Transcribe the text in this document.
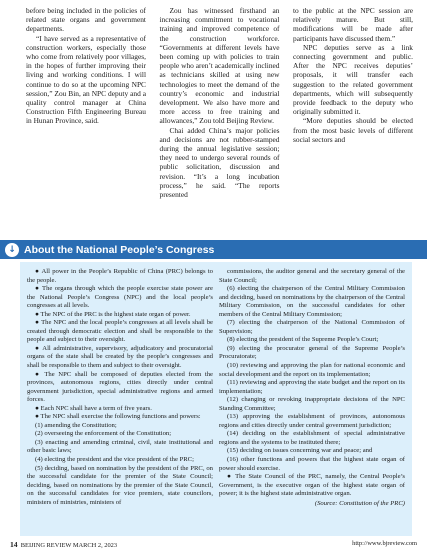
before being included in the policies of related state organs and government departments.

“I have served as a representative of construction workers, especially those who come from relatively poor villages, in the hopes of further improving their living and working conditions. I will continue to do so at the upcoming NPC session,” Zou Bin, an NPC deputy and a quality control manager at China Construction Fifth Engineering Bureau in Hunan Province, said.

Zou has witnessed firsthand an increasing commitment to vocational training and improved competence of the construction workforce. “Governments at different levels have been coming up with policies to train people who aren’t academically inclined as technicians skilled at using new technologies to meet the demand of the country’s economic and industrial development. We also have more and more access to free training and allowances,” Zou told Beijing Review.

Chai added China’s major policies and decisions are not rubber-stamped during the annual legislative session; they need to undergo several rounds of public solicitation, discussion and revision. “It’s a long incubation process,” he said. “The reports presented

to the public at the NPC session are relatively mature. But still, modifications will be made after participants have discussed them.”

NPC deputies serve as a link connecting government and public. After the NPC receives deputies’ proposals, it will transfer each suggestion to the related government departments, which will subsequently provide feedback to the deputy who originally submitted it.

“More deputies should be elected from the most basic levels of different social sectors and

↓ About the National People’s Congress

● All power in the People’s Republic of China (PRC) belongs to the people.

● The organs through which the people exercise state power are the National People’s Congress (NPC) and the local people’s congresses at all levels.

● The NPC of the PRC is the highest state organ of power.

● The NPC and the local people’s congresses at all levels shall be created through democratic election and shall be responsible to the people and subject to their oversight.

● All administrative, supervisory, adjudicatory and procuratorial organs of the state shall be created by the people’s congresses and shall be responsible to them and subject to their oversight.

● The NPC shall be composed of deputies elected from the provinces, autonomous regions, cities directly under central government jurisdiction, special administrative regions and armed forces.

● Each NPC shall have a term of five years.

● The NPC shall exercise the following functions and powers:

(1) amending the Constitution;

(2) overseeing the enforcement of the Constitution;

(3) enacting and amending criminal, civil, state institutional and other basic laws;

(4) electing the president and the vice president of the PRC;

(5) deciding, based on nomination by the president of the PRC, on the successful candidate for the premier of the State Council; deciding, based on nominations by the premier of the State Council, on the successful candidates for vice premiers, state councilors, ministers of ministries, ministers of

commissions, the auditor general and the secretary general of the State Council;

(6) electing the chairperson of the Central Military Commission and deciding, based on nominations by the chairperson of the Central Military Commission, on the successful candidates for other members of the Central Military Commission;

(7) electing the chairperson of the National Commission of Supervision;

(8) electing the president of the Supreme People’s Court;

(9) electing the procurator general of the Supreme People’s Procuratorate;

(10) reviewing and approving the plan for national economic and social development and the report on its implementation;

(11) reviewing and approving the state budget and the report on its implementation;

(12) changing or revoking inappropriate decisions of the NPC Standing Committee;

(13) approving the establishment of provinces, autonomous regions and cities directly under central government jurisdiction;

(14) deciding on the establishment of special administrative regions and the systems to be instituted there;

(15) deciding on issues concerning war and peace; and

(16) other functions and powers that the highest state organ of power should exercise.

● The State Council of the PRC, namely, the Central People’s Government, is the executive organ of the highest state organ of power; it is the highest state administrative organ.

(Source: Constitution of the PRC)

14 BEIJING REVIEW MARCH 2, 2023	http://www.bjreview.com
